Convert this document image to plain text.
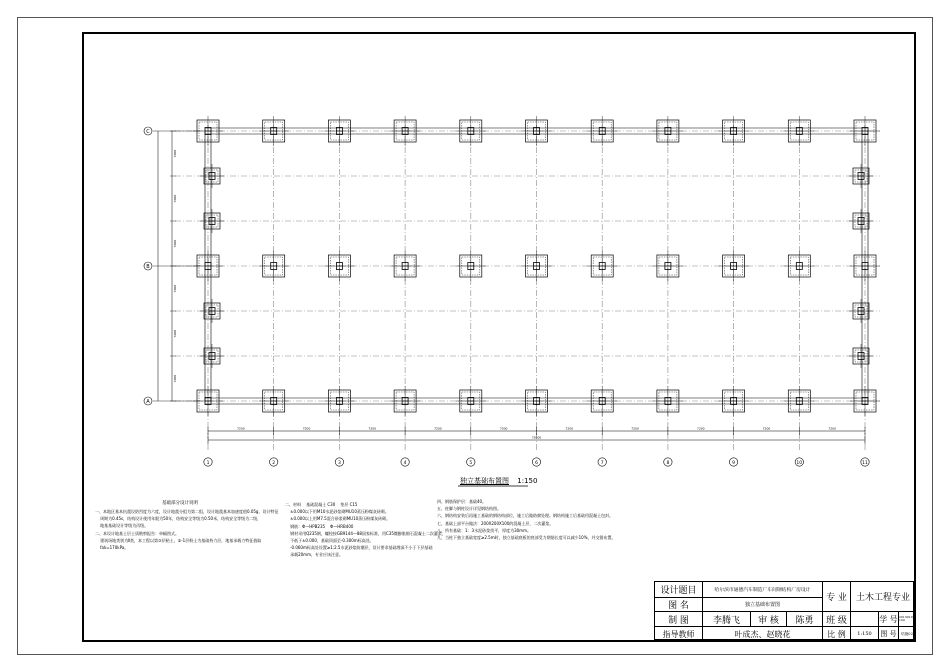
C
B
A
3000
3000
3000
3000
3000
3000
1	2	3	4	5	6	7	8	9	10	11
7200	7200	7200	7200	7200	7200	7200	7200	7200	7200
72000
独立基础布置图 1:150
基础部分设计说明
一、本地区基本抗震设防烈度为六度，设计地震分组为第二组，设计地震基本加速度值0.05g，设计特征
周期为0.45s，结构设计使用年限为50年，结构安全等级为0.50米，结构安全等级为二级，
地基基础设计等级为丙级。
二、本设计地基土层土质勘察报告：单幅图式。
建筑场地类别为Ⅱ类，本工程以第③层粘土、②-1层粉土为基础持力层，地基承载力特征值取
fak=170kPa。
二、材料    基础混凝土 C30    垫层 C15
±0.000以下用M10水泥砂浆砌MU10蒸压粉煤灰砖砌。
±0.000以上用M7.5混合砂浆砌MU10蒸压粉煤灰砖砌。
钢筋：Φ—HPB235    Φ—HRB400
钢材采用Q235钢，螺栓按GB9144—88国家标准，用C35微膨胀细石混凝土二次灌浆，
不低于±0.000，基础顶面至-0.300m标高处。
-0.060m标高处设置≥1:2.5水泥砂浆防潮层，设计要求基础埋深不小于下层基础
承载20mm，专业应该注意。
四、钢筋保护层：基础40。
五、柱脚与钢柱设计详见钢结构图。
六、钢结构安装后再施工基础的钢结构部位，施工后做防腐处理。钢结构施工后基础用混凝土包封。
七、基础上部平台做法：200X200X100的混凝土层，二次灌浆。
八、所有基础：1：3水泥砂浆找平，厚度为30mm。
九、当柱下独立基础宽度≥2.5m时，独立基础底板的底部受力钢筋长度可以减少10%，并交错布置。
设计题目	哈尔滨市通德汽车制造厂车间钢结构厂房设计
图 名	独立基础布置图
专 业	土木工程专业
制 图	李腾飞	审 核	陈勇	班 级	学 号 20130210104
指导教师	叶成杰、赵晓花	比 例	1:150	图 号	结施02
